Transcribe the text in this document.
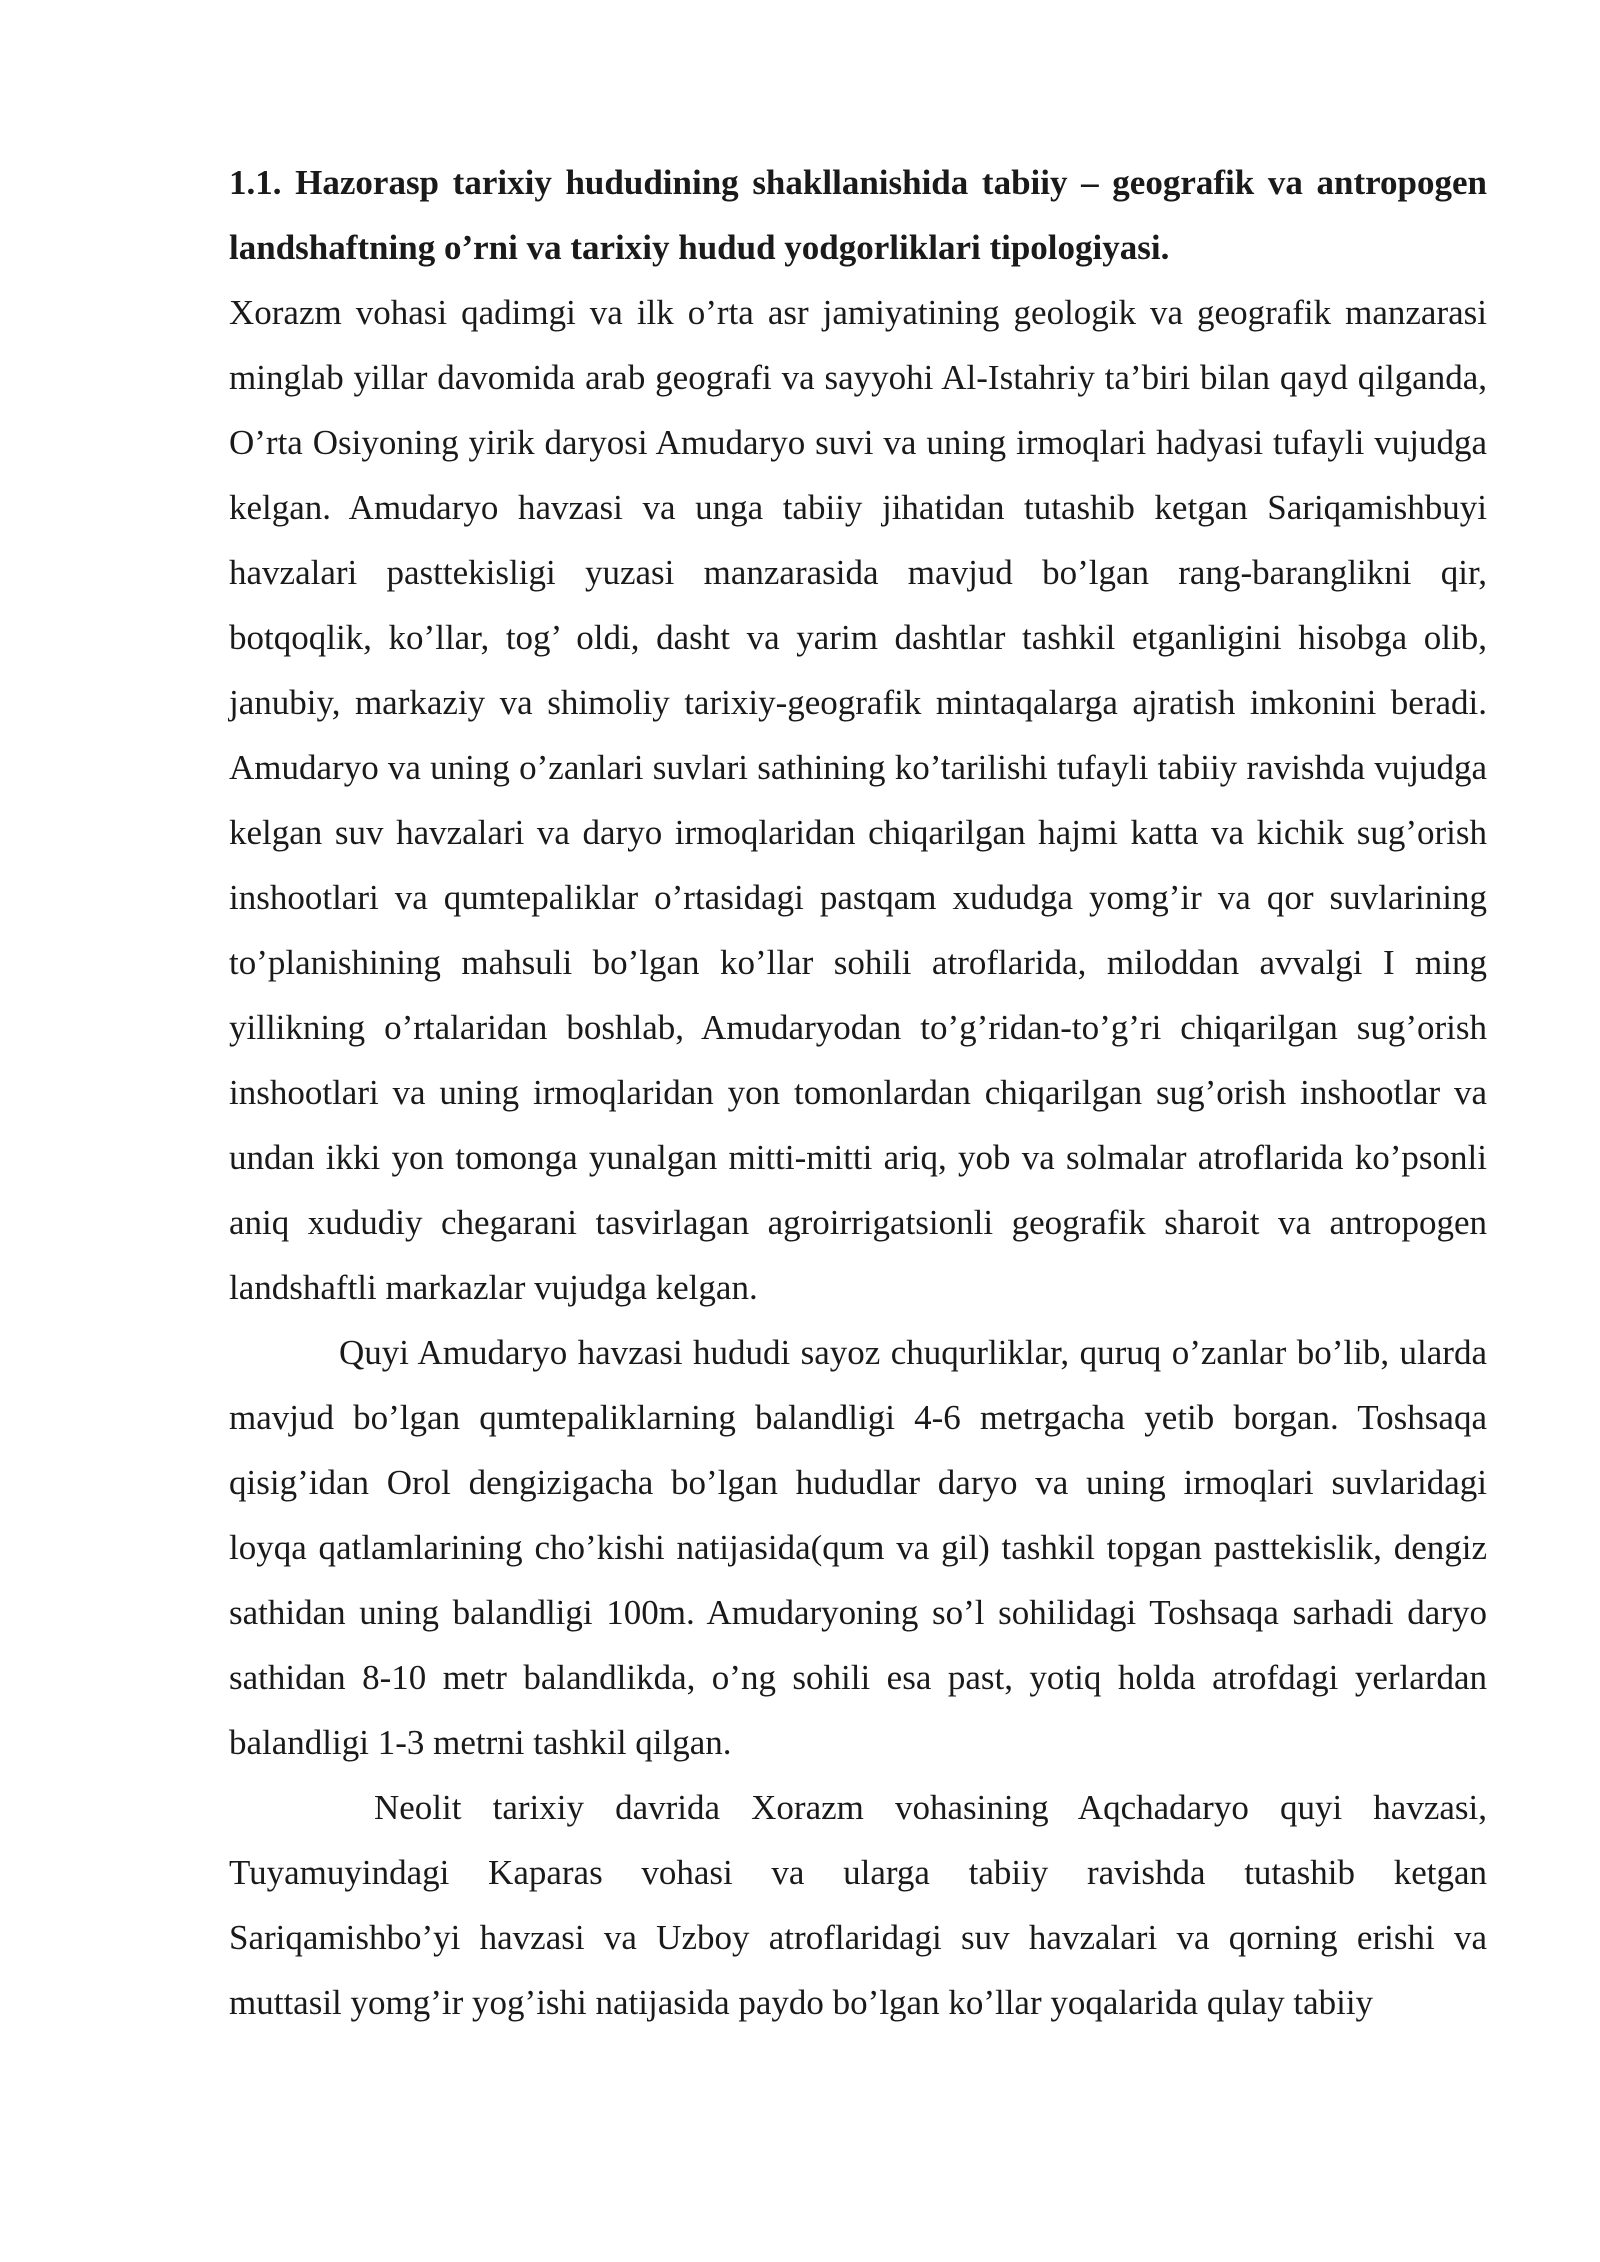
1.1. Hazorasp tarixiy hududining shakllanishida tabiiy – geografik va antropogen landshaftning o’rni va tarixiy hudud yodgorliklari tipologiyasi.

Xorazm vohasi qadimgi va ilk o’rta asr jamiyatining geologik va geografik manzarasi minglab yillar davomida arab geografi va sayyohi Al-Istahriy ta’biri bilan qayd qilganda, O’rta Osiyoning yirik daryosi Amudaryo suvi va uning irmoqlari hadyasi tufayli vujudga kelgan. Amudaryo havzasi va unga tabiiy jihatidan tutashib ketgan Sariqamishbuyi havzalari pasttekisligi yuzasi manzarasida mavjud bo’lgan rang-baranglikni qir, botqoqlik, ko’llar, tog’ oldi, dasht va yarim dashtlar tashkil etganligini hisobga olib, janubiy, markaziy va shimoliy tarixiy-geografik mintaqalarga ajratish imkonini beradi. Amudaryo va uning o’zanlari suvlari sathining ko’tarilishi tufayli tabiiy ravishda vujudga kelgan suv havzalari va daryo irmoqlaridan chiqarilgan hajmi katta va kichik sug’orish inshootlari va qumtepaliklar o’rtasidagi pastqam xududga yomg’ir va qor suvlarining to’planishining mahsuli bo’lgan ko’llar sohili atroflarida, miloddan avvalgi I ming yillikning o’rtalaridan boshlab, Amudaryodan to’g’ridan-to’g’ri chiqarilgan sug’orish inshootlari va uning irmoqlaridan yon tomonlardan chiqarilgan sug’orish inshootlar va undan ikki yon tomonga yunalgan mitti-mitti ariq, yob va solmalar atroflarida ko’psonli aniq xududiy chegarani tasvirlagan agroirrigatsionli geografik sharoit va antropogen landshaftli markazlar vujudga kelgan.

Quyi Amudaryo havzasi hududi sayoz chuqurliklar, quruq o’zanlar bo’lib, ularda mavjud bo’lgan qumtepaliklarning balandligi 4-6 metrgacha yetib borgan. Toshsaqa qisig’idan Orol dengizigacha bo’lgan hududlar daryo va uning irmoqlari suvlaridagi loyqa qatlamlarining cho’kishi natijasida(qum va gil) tashkil topgan pasttekislik, dengiz sathidan uning balandligi 100m. Amudaryoning so’l sohilidagi Toshsaqa sarhadi daryo sathidan 8-10 metr balandlikda, o’ng sohili esa past, yotiq holda atrofdagi yerlardan balandligi 1-3 metrni tashkil qilgan.

Neolit tarixiy davrida Xorazm vohasining Aqchadaryo quyi havzasi, Tuyamuyindagi Kaparas vohasi va ularga tabiiy ravishda tutashib ketgan Sariqamishbo’yi havzasi va Uzboy atroflaridagi suv havzalari va qorning erishi va muttasil yomg’ir yog’ishi natijasida paydo bo’lgan ko’llar yoqalarida qulay tabiiy
